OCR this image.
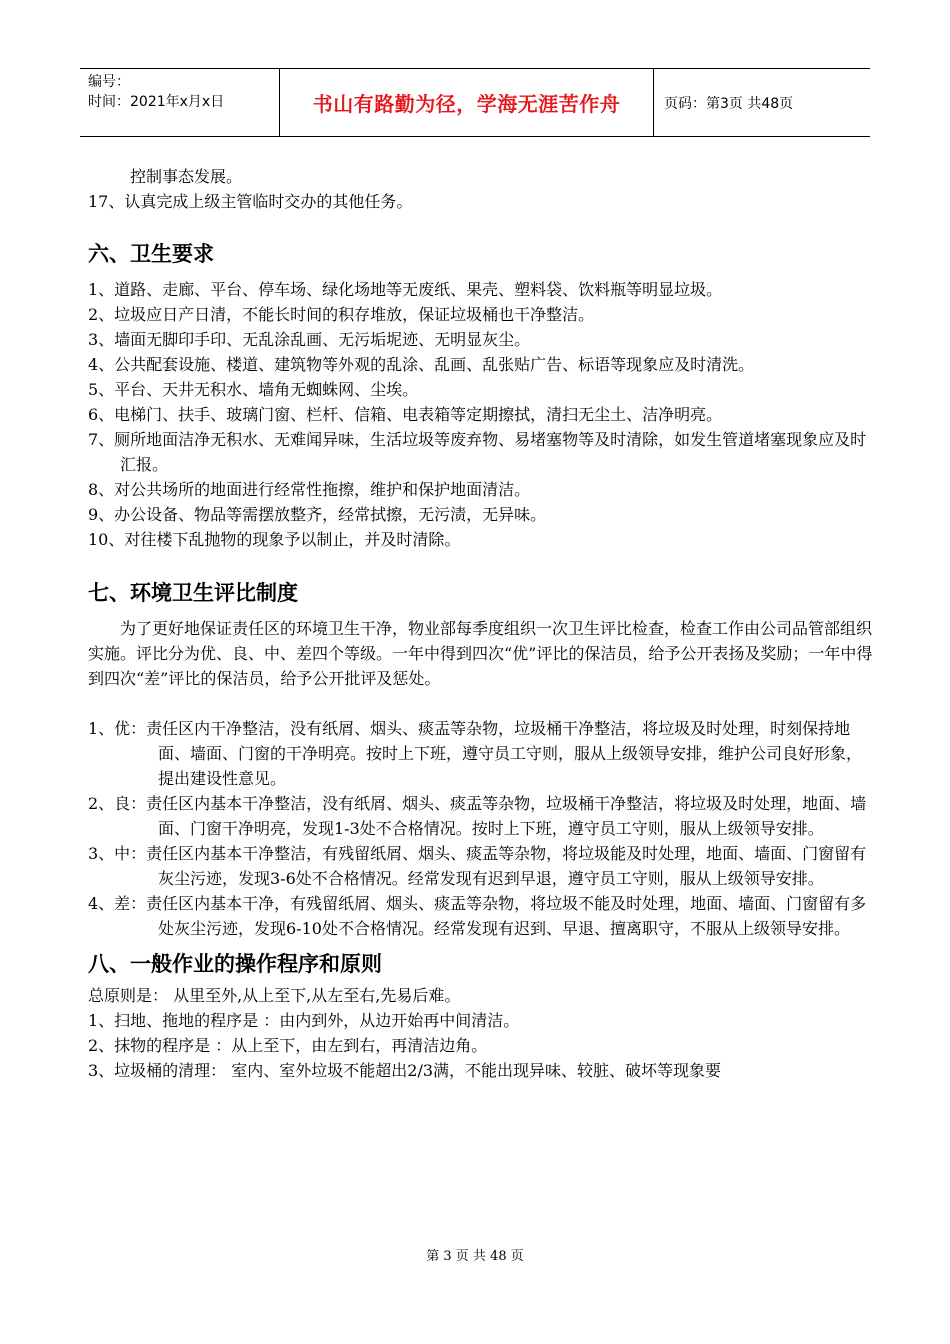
编号：
时间：2021年x月x日	书山有路勤为径，学海无涯苦作舟	页码：第3页 共48页

控制事态发展。

17、认真完成上级主管临时交办的其他任务。

六、卫生要求

1、道路、走廊、平台、停车场、绿化场地等无废纸、果壳、塑料袋、饮料瓶等明显垃圾。

2、垃圾应日产日清，不能长时间的积存堆放，保证垃圾桶也干净整洁。

3、墙面无脚印手印、无乱涂乱画、无污垢坭迹、无明显灰尘。

4、公共配套设施、楼道、建筑物等外观的乱涂、乱画、乱张贴广告、标语等现象应及时清洗。

5、平台、天井无积水、墙角无蜘蛛网、尘埃。

6、电梯门、扶手、玻璃门窗、栏杆、信箱、电表箱等定期擦拭，清扫无尘土、洁净明亮。

7、厕所地面洁净无积水、无难闻异味，生活垃圾等废弃物、易堵塞物等及时清除，如发生管道堵塞现象应及时汇报。

8、对公共场所的地面进行经常性拖擦，维护和保护地面清洁。

9、办公设备、物品等需摆放整齐，经常拭擦，无污渍，无异味。

10、对往楼下乱抛物的现象予以制止，并及时清除。

七、环境卫生评比制度

为了更好地保证责任区的环境卫生干净，物业部每季度组织一次卫生评比检查，检查工作由公司品管部组织实施。评比分为优、良、中、差四个等级。一年中得到四次“优”评比的保洁员，给予公开表扬及奖励；一年中得到四次“差”评比的保洁员，给予公开批评及惩处。

1、优：责任区内干净整洁，没有纸屑、烟头、痰盂等杂物，垃圾桶干净整洁，将垃圾及时处理，时刻保持地面、墙面、门窗的干净明亮。按时上下班，遵守员工守则，服从上级领导安排，维护公司良好形象，提出建设性意见。

2、良：责任区内基本干净整洁，没有纸屑、烟头、痰盂等杂物，垃圾桶干净整洁，将垃圾及时处理，地面、墙面、门窗干净明亮，发现1-3处不合格情况。按时上下班，遵守员工守则，服从上级领导安排。

3、中：责任区内基本干净整洁，有残留纸屑、烟头、痰盂等杂物，将垃圾能及时处理，地面、墙面、门窗留有灰尘污迹，发现3-6处不合格情况。经常发现有迟到早退，遵守员工守则，服从上级领导安排。

4、差：责任区内基本干净，有残留纸屑、烟头、痰盂等杂物，将垃圾不能及时处理，地面、墙面、门窗留有多处灰尘污迹，发现6-10处不合格情况。经常发现有迟到、早退、擅离职守，不服从上级领导安排。

八、一般作业的操作程序和原则

总原则是： 从里至外,从上至下,从左至右,先易后难。

1、扫地、拖地的程序是 ：由内到外，从边开始再中间清洁。

2、抹物的程序是 ：从上至下，由左到右，再清洁边角。

3、垃圾桶的清理： 室内、室外垃圾不能超出2/3满，不能出现异味、较脏、破坏等现象要

第 3 页 共 48 页
